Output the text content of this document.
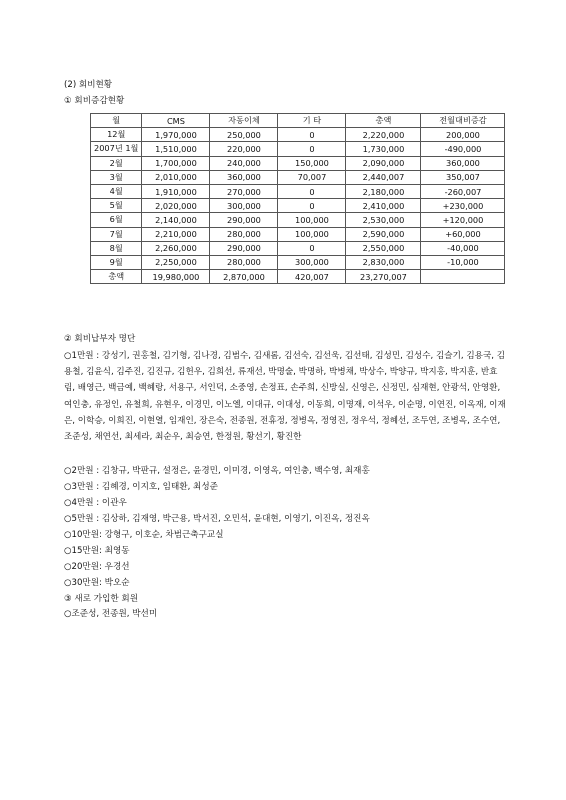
(2) 회비현황
① 회비증감현황
월	CMS	자동이체	기 타	총액	전월대비증감
12월	1,970,000	250,000	0	2,220,000	200,000
2007년 1월	1,510,000	220,000	0	1,730,000	-490,000
2월	1,700,000	240,000	150,000	2,090,000	360,000
3월	2,010,000	360,000	70,007	2,440,007	350,007
4월	1,910,000	270,000	0	2,180,000	-260,007
5월	2,020,000	300,000	0	2,410,000	+230,000
6월	2,140,000	290,000	100,000	2,530,000	+120,000
7월	2,210,000	280,000	100,000	2,590,000	+60,000
8월	2,260,000	290,000	0	2,550,000	-40,000
9월	2,250,000	280,000	300,000	2,830,000	-10,000
총액	19,980,000	2,870,000	420,007	23,270,007	
② 회비납부자 명단
○1만원 : 강성기, 권홍철, 김기형, 김나경, 김범수, 김새롬, 김선숙, 김선욱, 김선태, 김성민, 김성수, 김슬기, 김용국, 김용철, 김윤식, 김주진, 김진규, 김헌우, 김희선, 류재선, 박명술, 박명하, 박병채, 박상수, 박양규, 박지홍, 박지훈, 반효림, 배영근, 백금예, 백혜랑, 서용구, 서인덕, 소중영, 손정표, 손주희, 신방실, 신영은, 신정민, 심재현, 안광석, 안영환, 여인충, 유정인, 유철희, 유현우, 이경민, 이노엘, 이대규, 이대성, 이동희, 이명재, 이석우, 이순명, 이연진, 이옥재, 이재은, 이학승, 이희진, 이현열, 임재인, 장은숙, 전종원, 전휴정, 정병옥, 정영진, 정우석, 정혜선, 조두연, 조병옥, 조수연, 조준성, 채연선, 최세라, 최순우, 최승연, 한정원, 황선기, 황진한
○2만원 : 김창규, 박판규, 설정은, 윤경민, 이미경, 이영옥, 여인충, 백수영, 최재홍
○3만원 : 김혜경, 이지호, 임태환, 최성준
○4만원 : 이관우
○5만원 : 김상하, 김재영, 박근용, 박서진, 오민석, 윤대현, 이영기, 이진옥, 정진옥
○10만원: 강형구, 이호순, 차범근축구교실
○15만원: 최영동
○20만원: 우경선
○30만원: 박오순
③ 새로 가입한 회원
○조준성, 전종원, 박선미
